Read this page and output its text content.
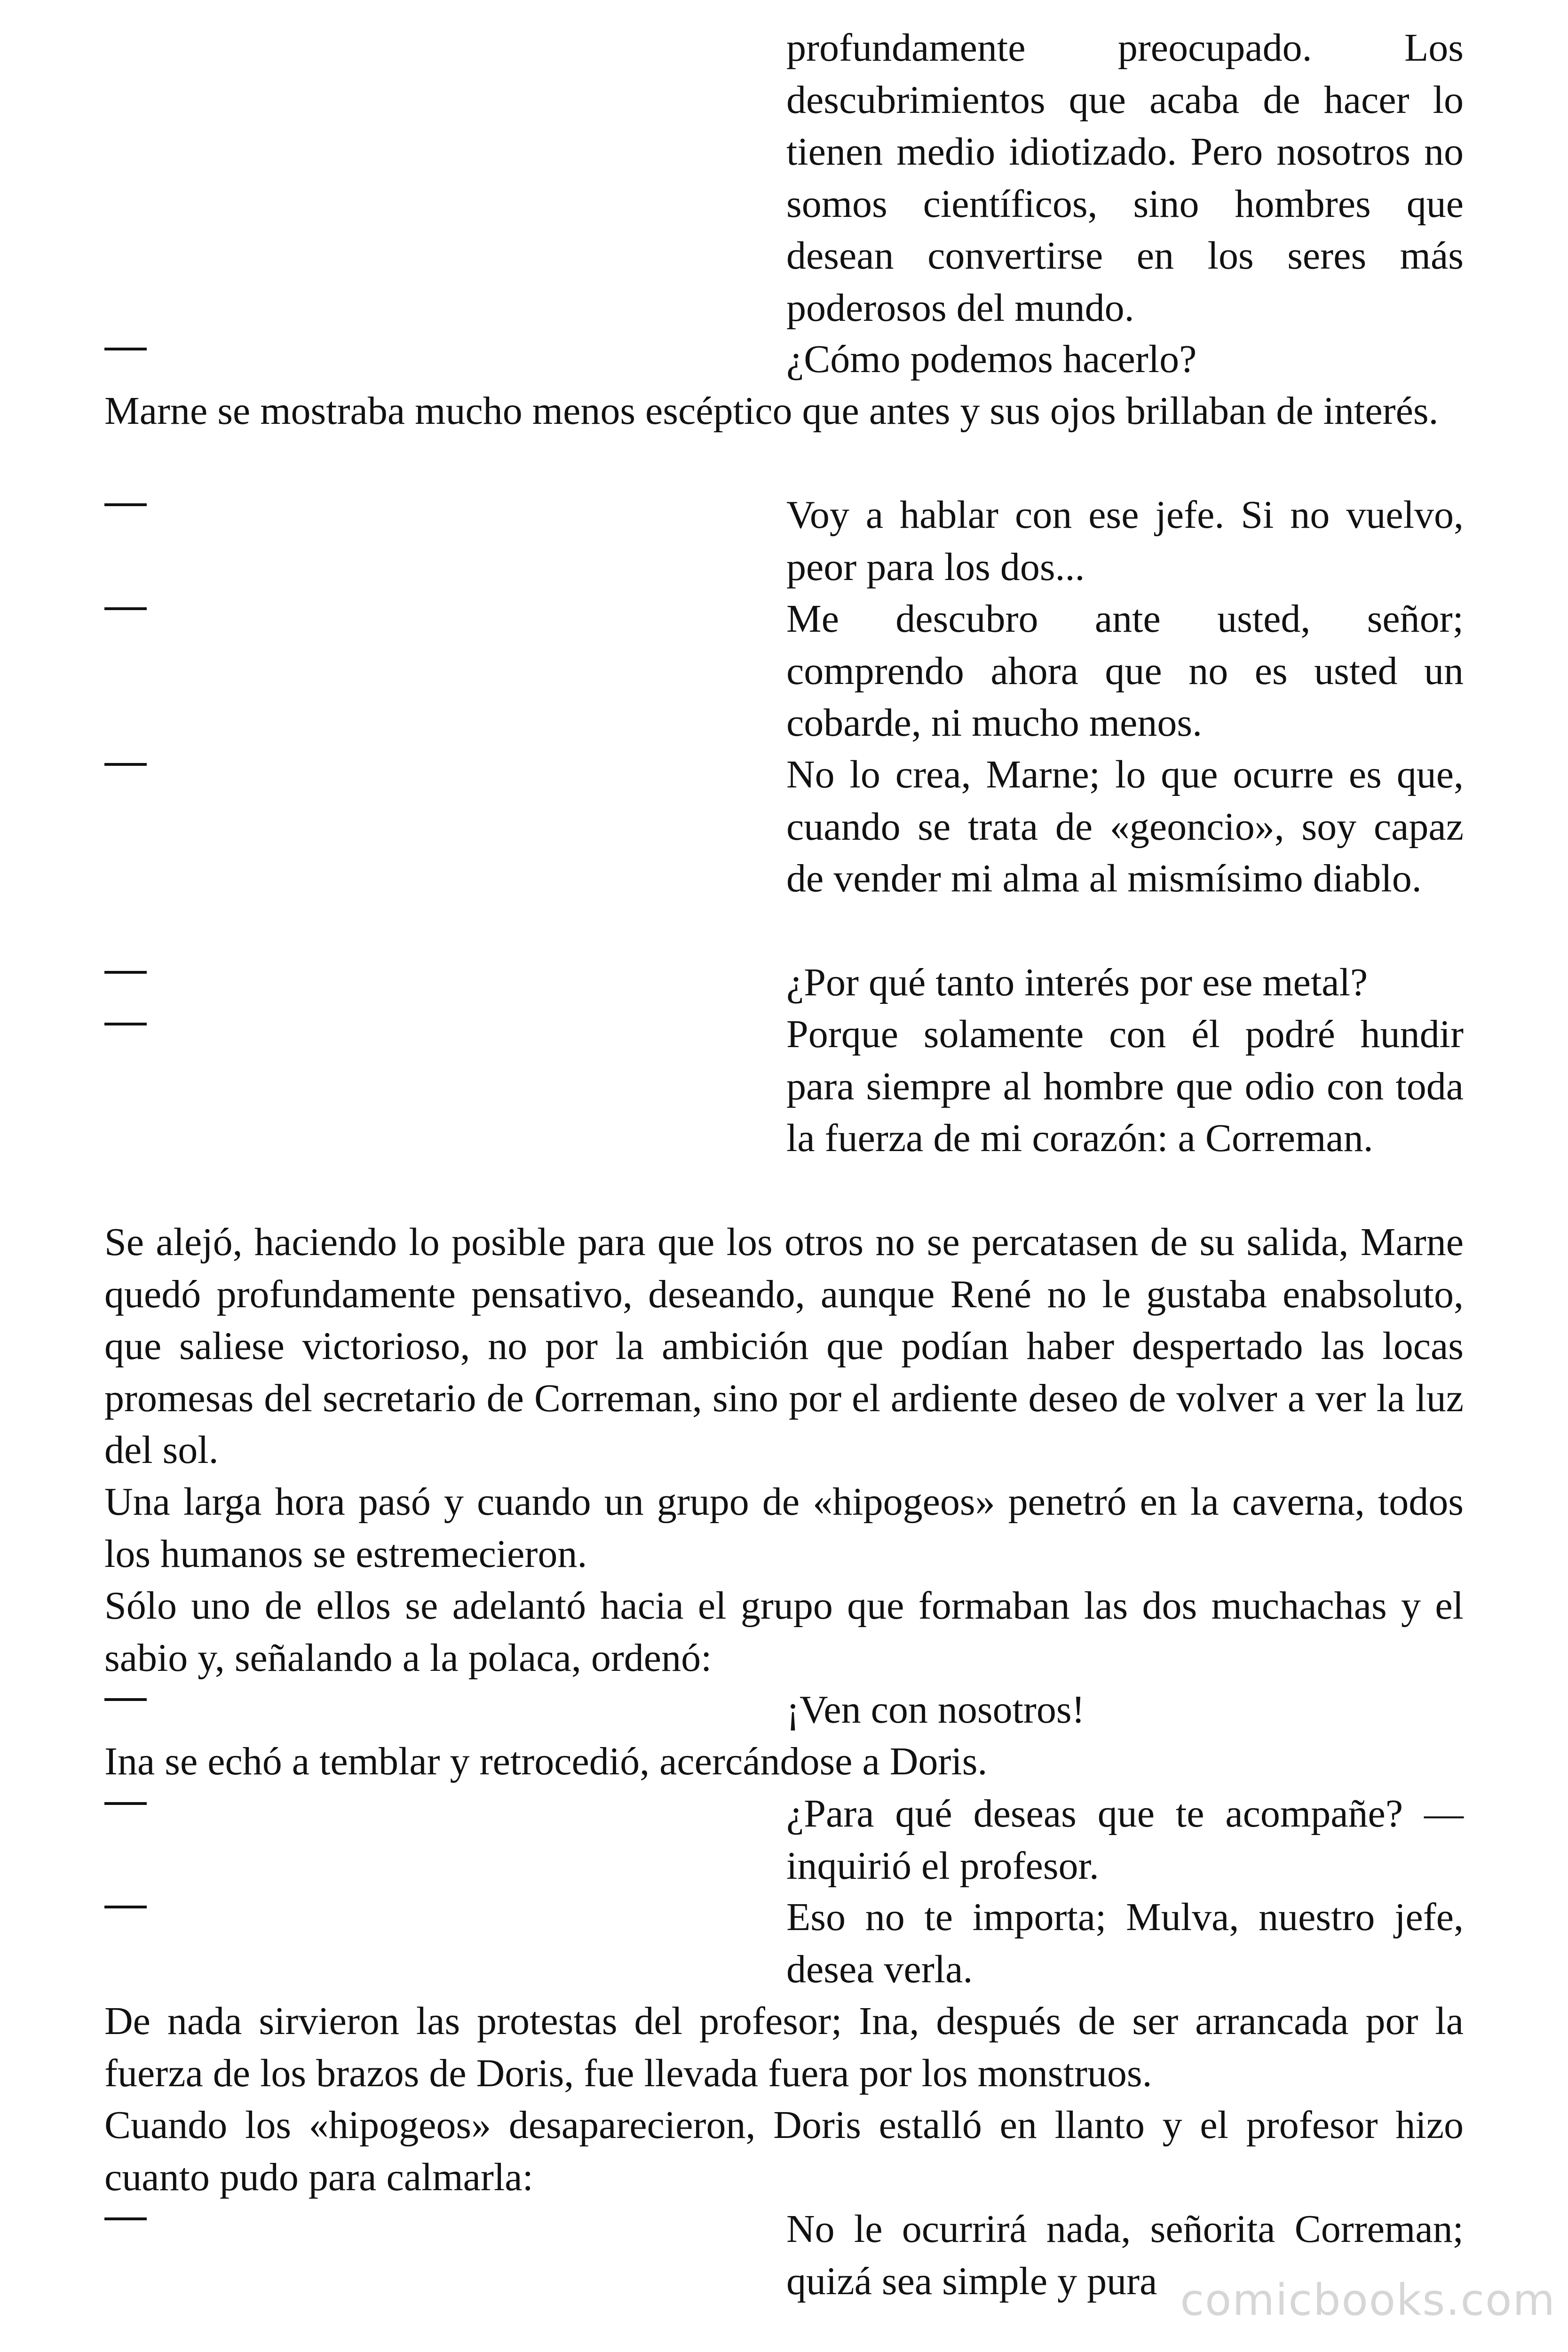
profundamente preocupado. Los descubrimientos que acaba de hacer lo tienen medio idiotizado. Pero nosotros no somos científicos, sino hombres que desean convertirse en los seres más poderosos del mundo.
¿Cómo podemos hacerlo?
Marne se mostraba mucho menos escéptico que antes y sus ojos brillaban de interés.
Voy a hablar con ese jefe. Si no vuelvo, peor para los dos...
Me descubro ante usted, señor; comprendo ahora que no es usted un cobarde, ni mucho menos.
No lo crea, Marne; lo que ocurre es que, cuando se trata de «geoncio», soy capaz de vender mi alma al mismísimo diablo.
¿Por qué tanto interés por ese metal?
Porque solamente con él podré hundir para siempre al hombre que odio con toda la fuerza de mi corazón: a Correman.
Se alejó, haciendo lo posible para que los otros no se percatasen de su salida, Marne quedó profundamente pensativo, deseando, aunque René no le gustaba enabsoluto, que saliese victorioso, no por la ambición que podían haber despertado las locas promesas del secretario de Correman, sino por el ardiente deseo de volver a ver la luz del sol.
Una larga hora pasó y cuando un grupo de «hipogeos» penetró en la caverna, todos los humanos se estremecieron.
Sólo uno de ellos se adelantó hacia el grupo que formaban las dos muchachas y el sabio y, señalando a la polaca, ordenó:
¡Ven con nosotros!
Ina se echó a temblar y retrocedió, acercándose a Doris.
¿Para qué deseas que te acompañe? — inquirió el profesor.
Eso no te importa; Mulva, nuestro jefe, desea verla.
De nada sirvieron las protestas del profesor; Ina, después de ser arrancada por la fuerza de los brazos de Doris, fue llevada fuera por los monstruos.
Cuando los «hipogeos» desaparecieron, Doris estalló en llanto y el profesor hizo cuanto pudo para calmarla:
No le ocurrirá nada, señorita Correman; quizá sea simple y pura comicbooks.com
